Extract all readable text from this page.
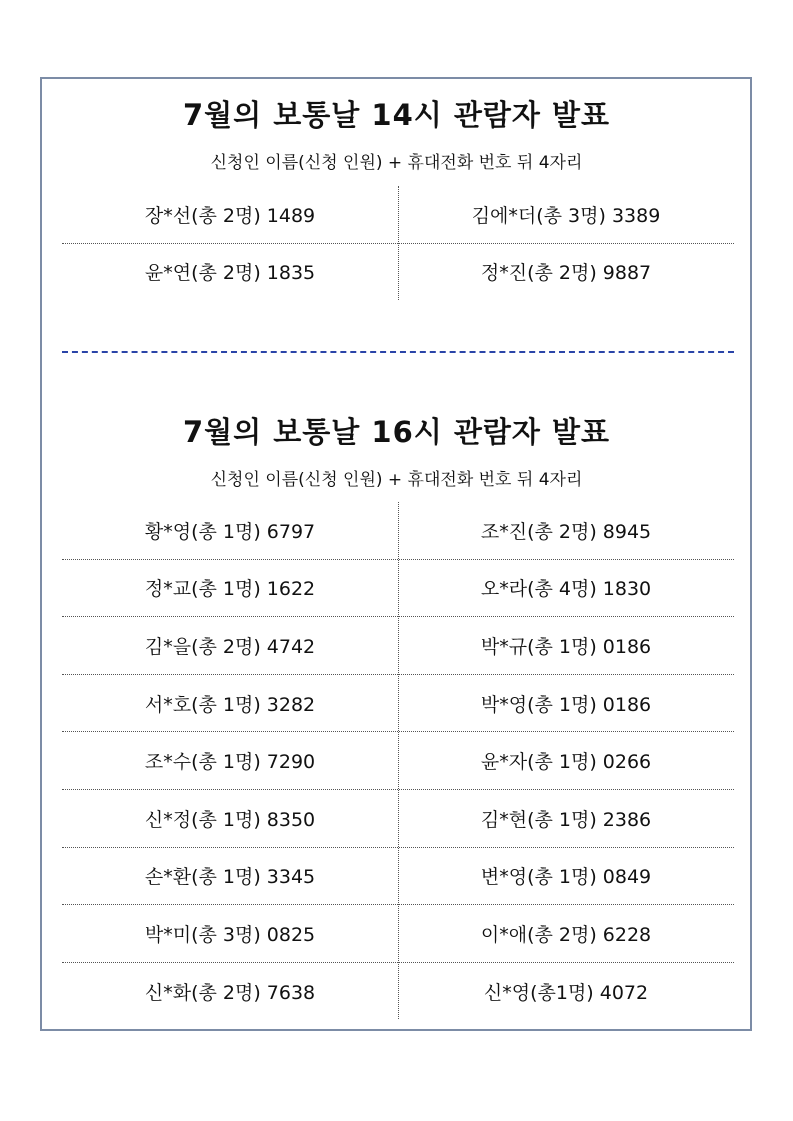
7월의 보통날 14시 관람자 발표
신청인 이름(신청 인원) + 휴대전화 번호 뒤 4자리
장*선(총 2명) 1489	김에*더(총 3명) 3389
윤*연(총 2명) 1835	정*진(총 2명) 9887
7월의 보통날 16시 관람자 발표
신청인 이름(신청 인원) + 휴대전화 번호 뒤 4자리
황*영(총 1명) 6797	조*진(총 2명) 8945
정*교(총 1명) 1622	오*라(총 4명) 1830
김*을(총 2명) 4742	박*규(총 1명) 0186
서*호(총 1명) 3282	박*영(총 1명) 0186
조*수(총 1명) 7290	윤*자(총 1명) 0266
신*정(총 1명) 8350	김*현(총 1명) 2386
손*환(총 1명) 3345	변*영(총 1명) 0849
박*미(총 3명) 0825	이*애(총 2명) 6228
신*화(총 2명) 7638	신*영(총1명) 4072
